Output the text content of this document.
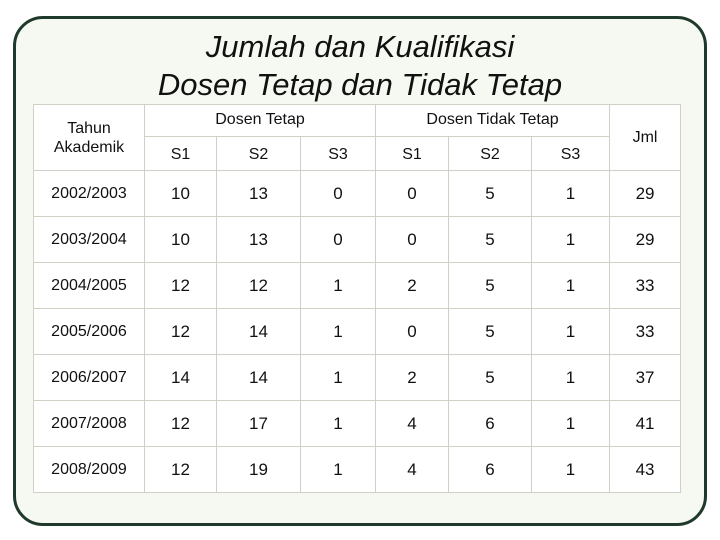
Jumlah dan Kualifikasi
Dosen Tetap dan Tidak Tetap
Tahun
Akademik	Dosen Tetap			Dosen Tidak Tetap			Jml
	S1	S2	S3	S1	S2	S3	
2002/2003	10	13	0	0	5	1	29
2003/2004	10	13	0	0	5	1	29
2004/2005	12	12	1	2	5	1	33
2005/2006	12	14	1	0	5	1	33
2006/2007	14	14	1	2	5	1	37
2007/2008	12	17	1	4	6	1	41
2008/2009	12	19	1	4	6	1	43
